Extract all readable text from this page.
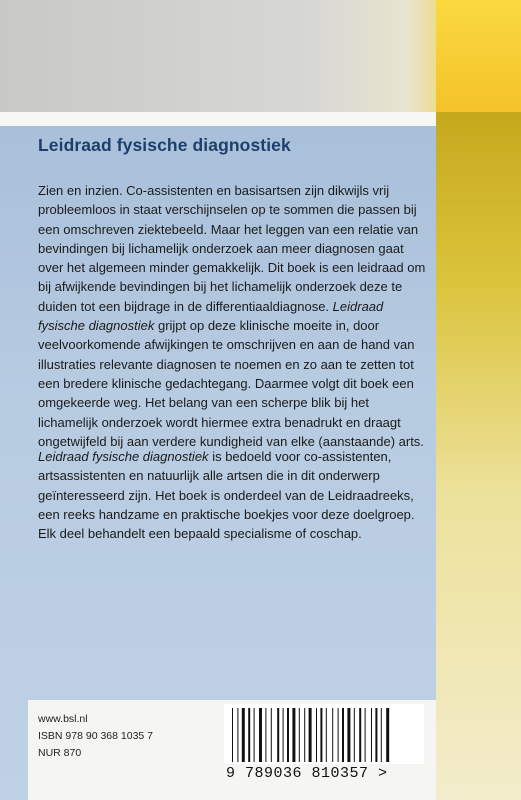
Leidraad fysische diagnostiek

Zien en inzien. Co-assistenten en basisartsen zijn dikwijls vrij probleemloos in staat verschijnselen op te sommen die passen bij een omschreven ziektebeeld. Maar het leggen van een relatie van bevindingen bij lichamelijk onderzoek aan meer diagnosen gaat over het algemeen minder gemakkelijk. Dit boek is een leidraad om bij afwijkende bevindingen bij het lichamelijk onderzoek deze te duiden tot een bijdrage in de differentiaaldiagnose. Leidraad fysische diagnostiek grijpt op deze klinische moeite in, door veelvoorkomende afwijkingen te omschrijven en aan de hand van illustraties relevante diagnosen te noemen en zo aan te zetten tot een bredere klinische gedachtegang. Daarmee volgt dit boek een omgekeerde weg. Het belang van een scherpe blik bij het lichamelijk onderzoek wordt hiermee extra benadrukt en draagt ongetwijfeld bij aan verdere kundigheid van elke (aanstaande) arts.

Leidraad fysische diagnostiek is bedoeld voor co-assistenten, artsassistenten en natuurlijk alle artsen die in dit onderwerp geïnteresseerd zijn. Het boek is onderdeel van de Leidraadreeks, een reeks handzame en praktische boekjes voor deze doelgroep. Elk deel behandelt een bepaald specialisme of coschap.

www.bsl.nl
ISBN 978 90 368 1035 7
NUR 870
9 789036 810357 >
